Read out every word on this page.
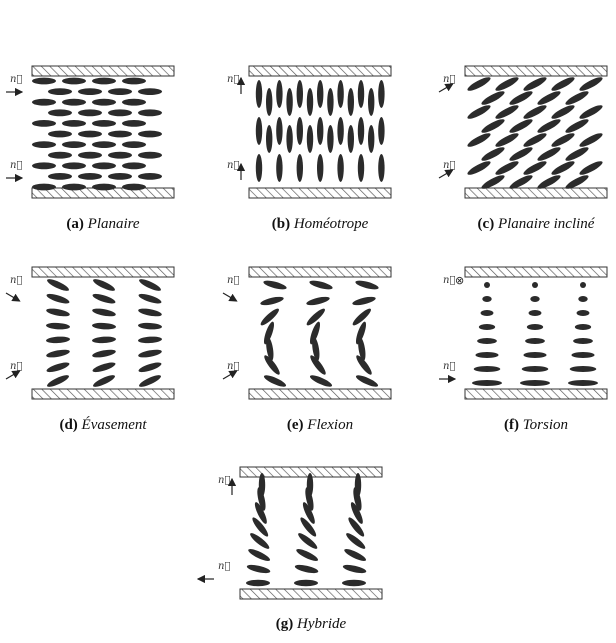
n⃗
n⃗
n⃗
n⃗
n⃗
n⃗
n⃗
n⃗
n⃗
n⃗
n⃗
n⃗ ⊗
n⃗
n⃗
(a) Planaire	(b) Homéotrope	(c) Planaire incliné
(d) Évasement	(e) Flexion	(f) Torsion
(g) Hybride
